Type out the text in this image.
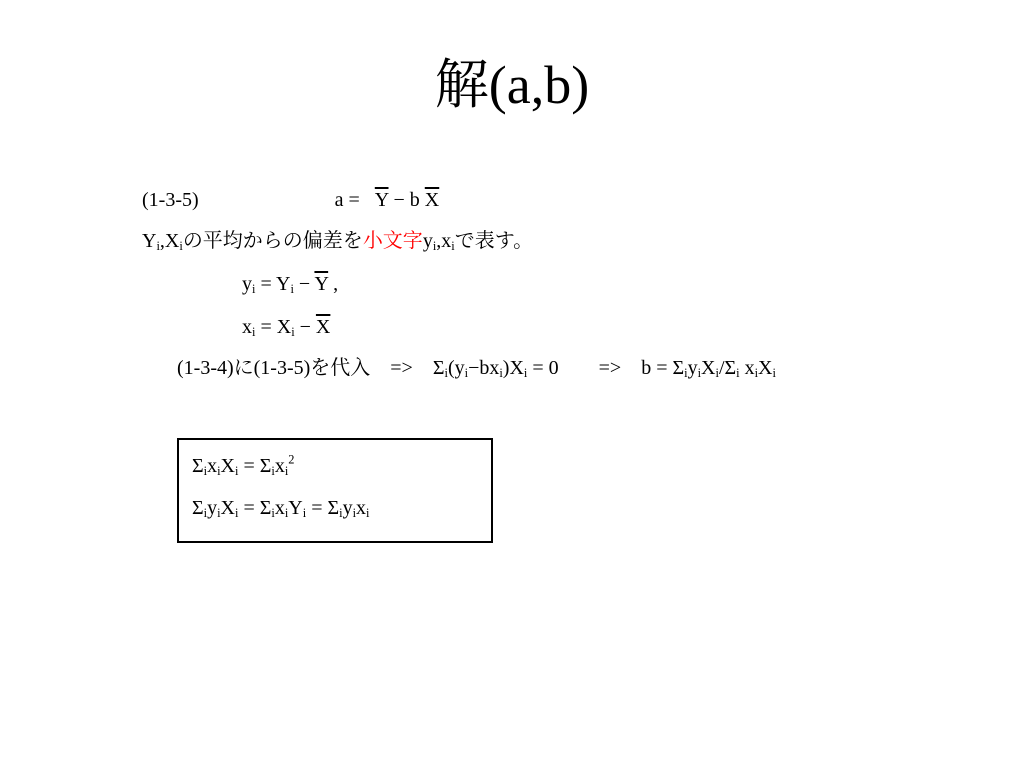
解(a,b)
(1-3-5)	$a = \overline{Y} - b$ $\overline{X}$
$Y_i,X_i$の平均からの偏差を小文字$y_i,x_i$で表す。
$y_i = Y_i - \overline{Y}$ ,
$x_i = X_i - \overline{X}$
(1-3-4)に(1-3-5)を代入　=>　$\Sigma_i(y_i-bx_i)X_i = 0$　　=>　$b = \Sigma_iy_iX_i/\Sigma_i$ $x_iX_i$
$\Sigma_ix_iX_i = \Sigma_ix_i^2$
$\Sigma_iy_iX_i = \Sigma_ix_iY_i = \Sigma_iy_ix_i$
